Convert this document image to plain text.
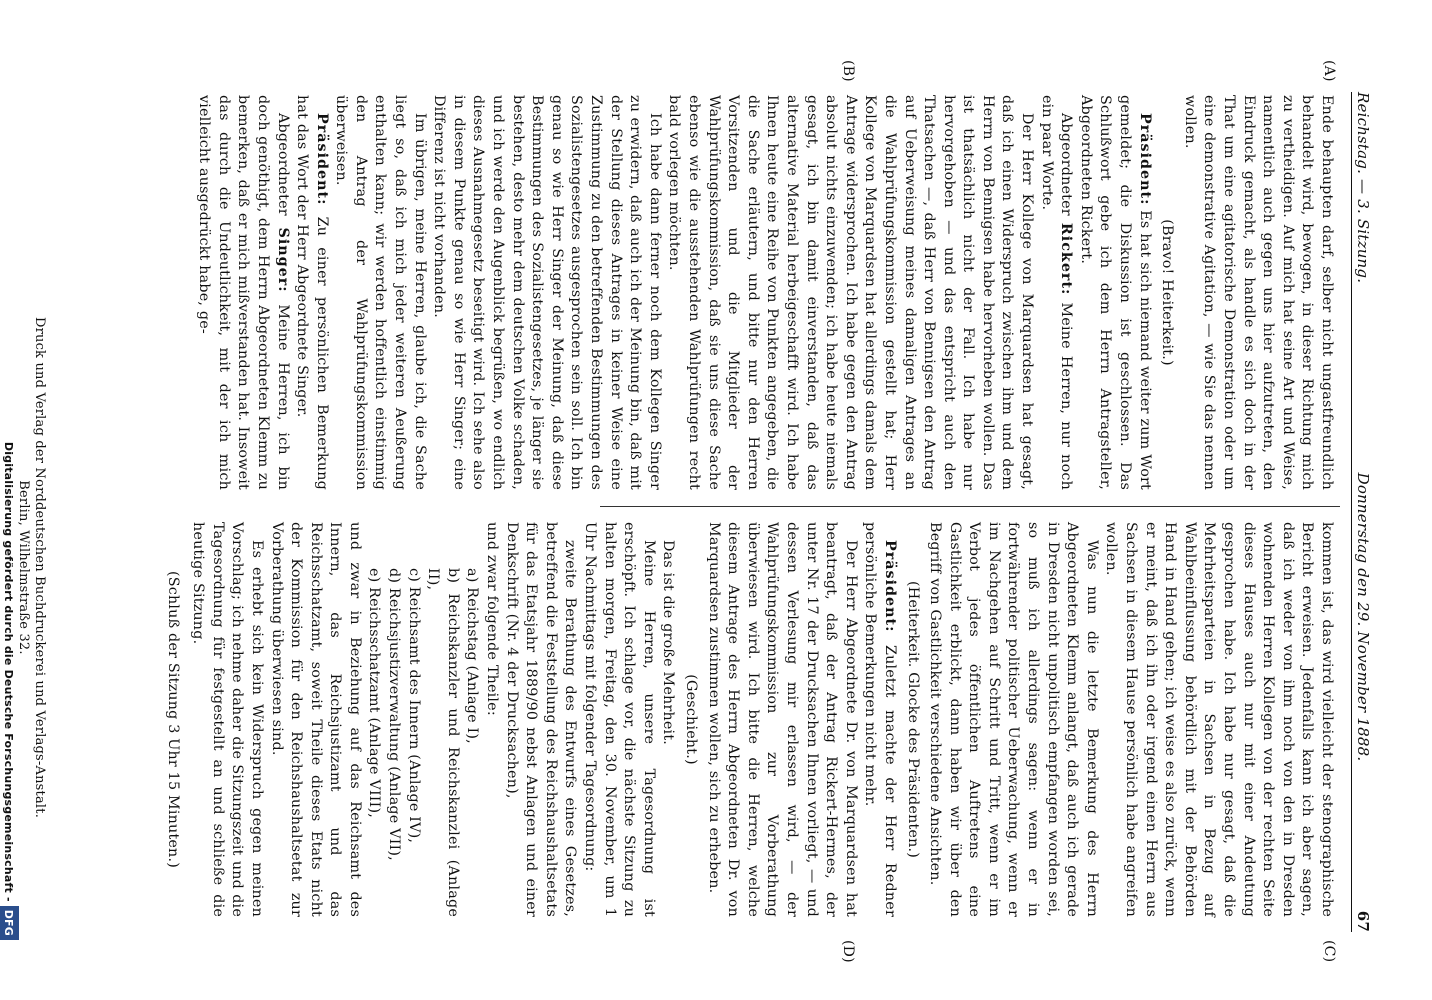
Reichstag. — 3. Sitzung.
Donnerstag den 29. November 1888.
67
(A)
(B)
(C)
(D)

Ende behaupten darf, selber nicht ungastfreundlich behandelt wird, bewogen, in dieser Richtung mich zu vertheidigen. Auf mich hat seine Art und Weise, namentlich auch gegen uns hier aufzutreten, den Eindruck gemacht, als handle es sich doch in der That um eine agitatorische Demonstration oder um eine demonstrative Agitation, — wie Sie das nennen wollen.

(Bravo! Heiterkeit.)

Präsident: Es hat sich niemand weiter zum Wort gemeldet; die Diskussion ist geschlossen. Das Schlußwort gebe ich dem Herrn Antragsteller, Abgeordneten Rickert.

Abgeordneter Rickert: Meine Herren, nur noch ein paar Worte.

Der Herr Kollege von Marquardsen hat gesagt, daß ich einen Widerspruch zwischen ihm und dem Herrn von Bennigsen habe hervorheben wollen. Das ist thatsächlich nicht der Fall. Ich habe nur hervorgehoben — und das entspricht auch den Thatsachen —, daß Herr von Bennigsen den Antrag auf Ueberweisung meines damaligen Antrages an die Wahlprüfungskommission gestellt hat; Herr Kollege von Marquardsen hat allerdings damals dem Antrage widersprochen. Ich habe gegen den Antrag absolut nichts einzuwenden; ich habe heute niemals gesagt, ich bin damit einverstanden, daß das alternative Material herbeigeschafft wird. Ich habe Ihnen heute eine Reihe von Punkten angegeben, die die Sache erläutern, und bitte nur den Herren Vorsitzenden und die Mitglieder der Wahlprüfungskommission, daß sie uns diese Sache ebenso wie die ausstehenden Wahlprüfungen recht bald vorlegen möchten.

Ich habe dann ferner noch dem Kollegen Singer zu erwidern, daß auch ich der Meinung bin, daß mit der Stellung dieses Antrages in keiner Weise eine Zustimmung zu den betreffenden Bestimmungen des Sozialistengesetzes ausgesprochen sein soll. Ich bin genau so wie Herr Singer der Meinung, daß diese Bestimmungen des Sozialistengesetzes, je länger sie bestehen, desto mehr dem deutschen Volke schaden, und ich werde den Augenblick begrüßen, wo endlich dieses Ausnahmegesetz beseitigt wird. Ich sehe also in diesem Punkte genau so wie Herr Singer; eine Differenz ist nicht vorhanden.

Im übrigen, meine Herren, glaube ich, die Sache liegt so, daß ich mich jeder weiteren Aeußerung enthalten kann; wir werden hoffentlich einstimmig den Antrag der Wahlprüfungskommission überweisen.

Präsident: Zu einer persönlichen Bemerkung hat das Wort der Herr Abgeordnete Singer.

Abgeordneter Singer: Meine Herren, ich bin doch genöthigt, dem Herrn Abgeordneten Klemm zu bemerken, daß er mich mißverstanden hat. Insoweit das durch die Undeutlichkeit, mit der ich mich vielleicht ausgedrückt habe, ge-

kommen ist, das wird vielleicht der stenographische Bericht erweisen. Jedenfalls kann ich aber sagen, daß ich weder von ihm noch von den in Dresden wohnenden Herren Kollegen von der rechten Seite dieses Hauses auch nur mit einer Andeutung gesprochen habe. Ich habe nur gesagt, daß die Mehrheitsparteien in Sachsen in Bezug auf Wahlbeeinflussung behördlich mit der Behörden Hand in Hand gehen; ich weise es also zurück, wenn er meint, daß ich ihn oder irgend einen Herrn aus Sachsen in diesem Hause persönlich habe angreifen wollen.

Was nun die letzte Bemerkung des Herrn Abgeordneten Klemm anlangt, daß auch ich gerade in Dresden nicht unpolitisch empfangen worden sei, so muß ich allerdings sagen: wenn er in fortwährender politischer Ueberwachung, wenn er im Nachgehen auf Schritt und Tritt, wenn er im Verbot jedes öffentlichen Auftretens eine Gastlichkeit erblickt, dann haben wir über den Begriff von Gastlichkeit verschiedene Ansichten.

(Heiterkeit. Glocke des Präsidenten.)

Präsident: Zuletzt machte der Herr Redner persönliche Bemerkungen nicht mehr.

Der Herr Abgeordnete Dr. von Marquardsen hat beantragt, daß der Antrag Rickert-Hermes, der unter Nr. 17 der Drucksachen Ihnen vorliegt, — und dessen Verlesung mir erlassen wird, — der Wahlprüfungskommission zur Vorberathung überwiesen wird. Ich bitte die Herren, welche diesem Antrage des Herrn Abgeordneten Dr. von Marquardsen zustimmen wollen, sich zu erheben.

(Geschieht.)

Das ist die große Mehrheit.

Meine Herren, unsere Tagesordnung ist erschöpft. Ich schlage vor, die nächste Sitzung zu halten morgen, Freitag, den 30. November, um 1 Uhr Nachmittags mit folgender Tagesordnung:

zweite Berathung des Entwurfs eines Gesetzes, betreffend die Feststellung des Reichshaushaltsetats für das Etatsjahr 1889/90 nebst Anlagen und einer Denkschrift (Nr. 4 der Drucksachen),

und zwar folgende Theile:

a) Reichstag (Anlage I),
b) Reichskanzler und Reichskanzlei (Anlage II),
c) Reichsamt des Innern (Anlage IV),
d) Reichsjustizverwaltung (Anlage VII),
e) Reichsschatzamt (Anlage VIII),

und zwar in Beziehung auf das Reichsamt des Innern, das Reichsjustizamt und das Reichsschatzamt, soweit Theile dieses Etats nicht der Kommission für den Reichshaushaltsetat zur Vorberathung überwiesen sind.

Es erhebt sich kein Widerspruch gegen meinen Vorschlag; ich nehme daher die Sitzungszeit und die Tagesordnung für festgestellt an und schließe die heutige Sitzung.

(Schluß der Sitzung 3 Uhr 15 Minuten.)
Druck und Verlag der Norddeutschen Buchdruckerei und Verlags-Anstalt.
Berlin, Wilhelmstraße 32.
Digitalisierung gefördert durch die Deutsche Forschungsgemeinschaft -DFG
